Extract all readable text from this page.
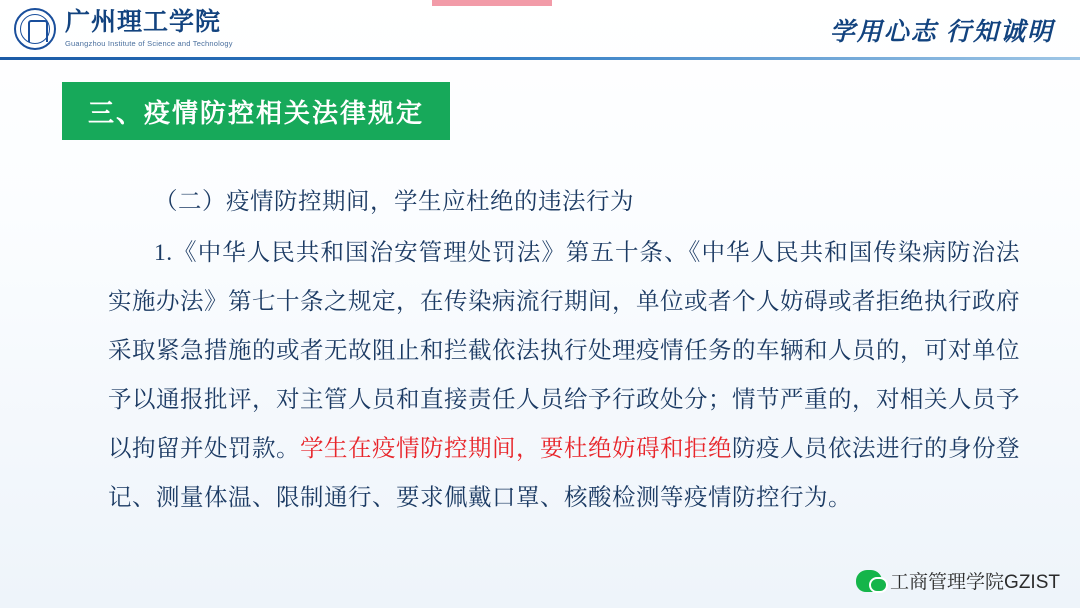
广州理工学院
Guangzhou Institute of Science and Technology	学用心志 行知诚明
三、疫情防控相关法律规定

（二）疫情防控期间，学生应杜绝的违法行为

1.《中华人民共和国治安管理处罚法》第五十条、《中华人民共和国传染病防治法实施办法》第七十条之规定，在传染病流行期间，单位或者个人妨碍或者拒绝执行政府采取紧急措施的或者无故阻止和拦截依法执行处理疫情任务的车辆和人员的，可对单位予以通报批评，对主管人员和直接责任人员给予行政处分；情节严重的，对相关人员予以拘留并处罚款。学生在疫情防控期间，要杜绝妨碍和拒绝防疫人员依法进行的身份登记、测量体温、限制通行、要求佩戴口罩、核酸检测等疫情防控行为。

工商管理学院GZIST
